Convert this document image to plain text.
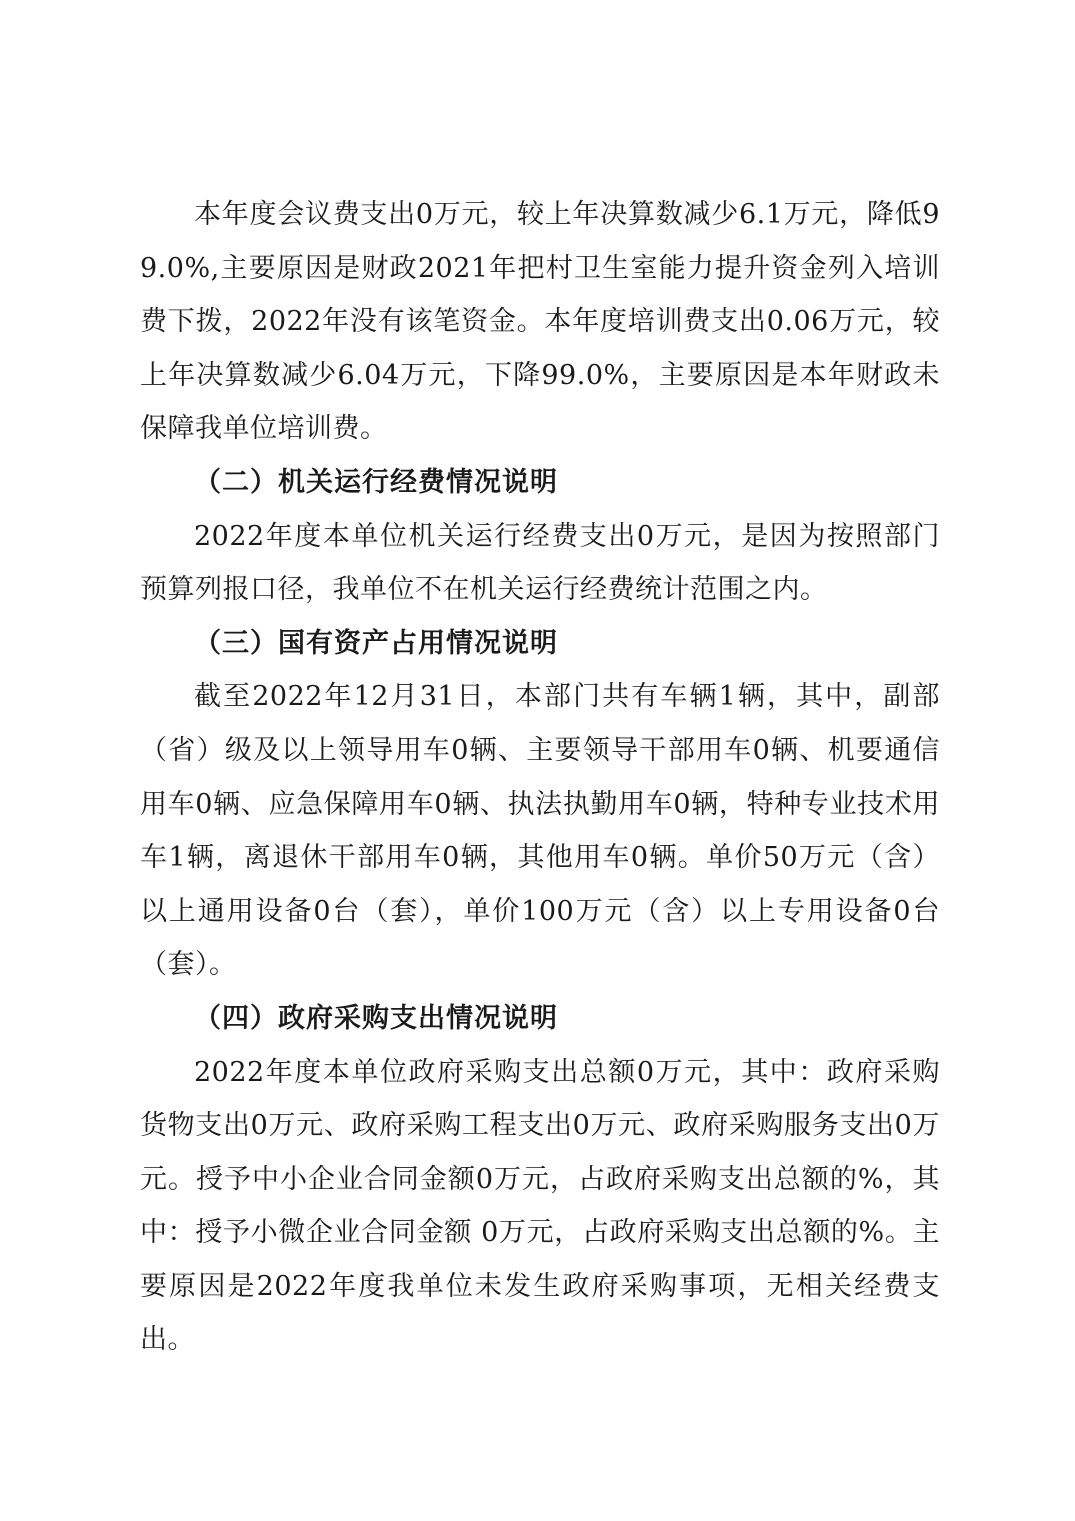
本年度会议费支出0万元，较上年决算数减少6.1万元，降低99.0%,主要原因是财政2021年把村卫生室能力提升资金列入培训费下拨，2022年没有该笔资金。本年度培训费支出0.06万元，较上年决算数减少6.04万元，下降99.0%，主要原因是本年财政未保障我单位培训费。

（二）机关运行经费情况说明

2022年度本单位机关运行经费支出0万元，是因为按照部门预算列报口径，我单位不在机关运行经费统计范围之内。

（三）国有资产占用情况说明

截至2022年12月31日，本部门共有车辆1辆，其中，副部（省）级及以上领导用车0辆、主要领导干部用车0辆、机要通信用车0辆、应急保障用车0辆、执法执勤用车0辆，特种专业技术用车1辆，离退休干部用车0辆，其他用车0辆。单价50万元（含）以上通用设备0台（套），单价100万元（含）以上专用设备0台（套）。

（四）政府采购支出情况说明

2022年度本单位政府采购支出总额0万元，其中：政府采购货物支出0万元、政府采购工程支出0万元、政府采购服务支出0万元。授予中小企业合同金额0万元，占政府采购支出总额的%，其中：授予小微企业合同金额 0万元，占政府采购支出总额的%。主要原因是2022年度我单位未发生政府采购事项，无相关经费支出。
